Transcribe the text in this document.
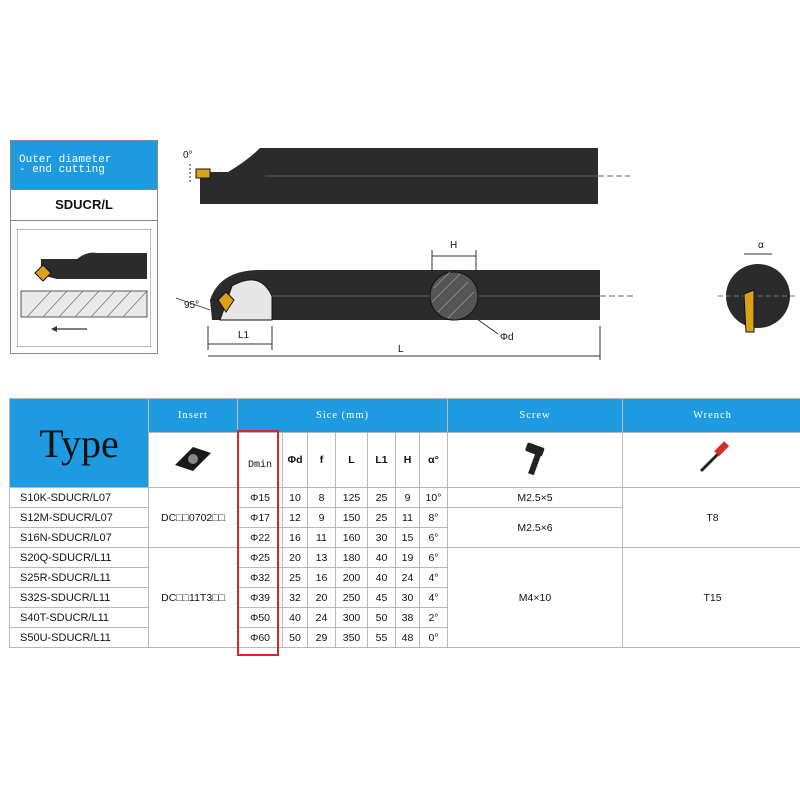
Outer diameter
- end cutting
SDUCR/L
0°
H
Φd
95°
L1
L
α
Type	Insert	Sice (mm)							Screw	Wrench
	Dmin	Φd	f	L	L1	H	α°		
S10K-SDUCR/L07	DC□□0702□□	Φ15	10	8	125	25	9	10°	M2.5×5	T8
S12M-SDUCR/L07		Φ17	12	9	150	25	11	8°	M2.5×6	
S16N-SDUCR/L07		Φ22	16	11	160	30	15	6°		
S20Q-SDUCR/L11	DC□□11T3□□	Φ25	20	13	180	40	19	6°	M4×10	T15
S25R-SDUCR/L11		Φ32	25	16	200	40	24	4°		
S32S-SDUCR/L11		Φ39	32	20	250	45	30	4°		
S40T-SDUCR/L11		Φ50	40	24	300	50	38	2°		
S50U-SDUCR/L11		Φ60	50	29	350	55	48	0°		
